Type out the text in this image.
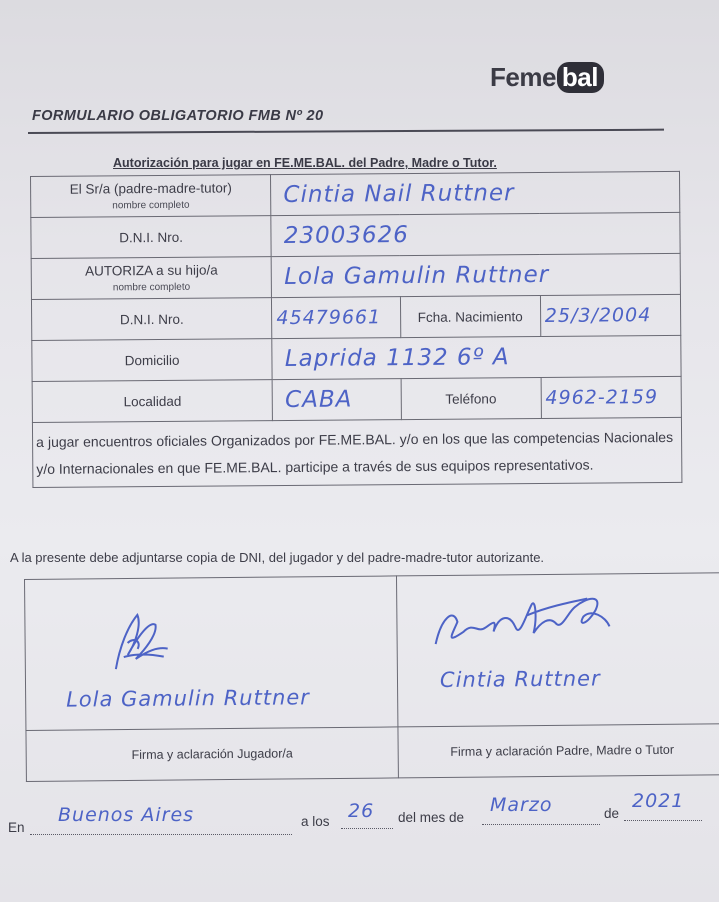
Feme bal
FORMULARIO OBLIGATORIO FMB Nº 20
Autorización para jugar en FE.ME.BAL. del Padre, Madre o Tutor.
El Sr/a (padre-madre-tutor)
nombre completo	Cintia Nail Ruttner		
D.N.I. Nro.	23003626		
AUTORIZA a su hijo/a
nombre completo	Lola Gamulin Ruttner		
D.N.I. Nro.	45479661	Fcha. Nacimiento	25/3/2004
Domicilio	Laprida 1132 6º A		
Localidad	CABA	Teléfono	4962-2159
a jugar encuentros oficiales Organizados por FE.ME.BAL. y/o en los que las competencias Nacionales y/o Internacionales en que FE.ME.BAL. participe a través de sus equipos representativos.
A la presente debe adjuntarse copia de DNI, del jugador y del padre-madre-tutor autorizante.
Lola Gamulin Ruttner	Cintia Ruttner

Firma y aclaración Jugador/a	Firma y aclaración Padre, Madre o Tutor
En
Buenos Aires	a los 26 del mes de
Marzo	de
2021
